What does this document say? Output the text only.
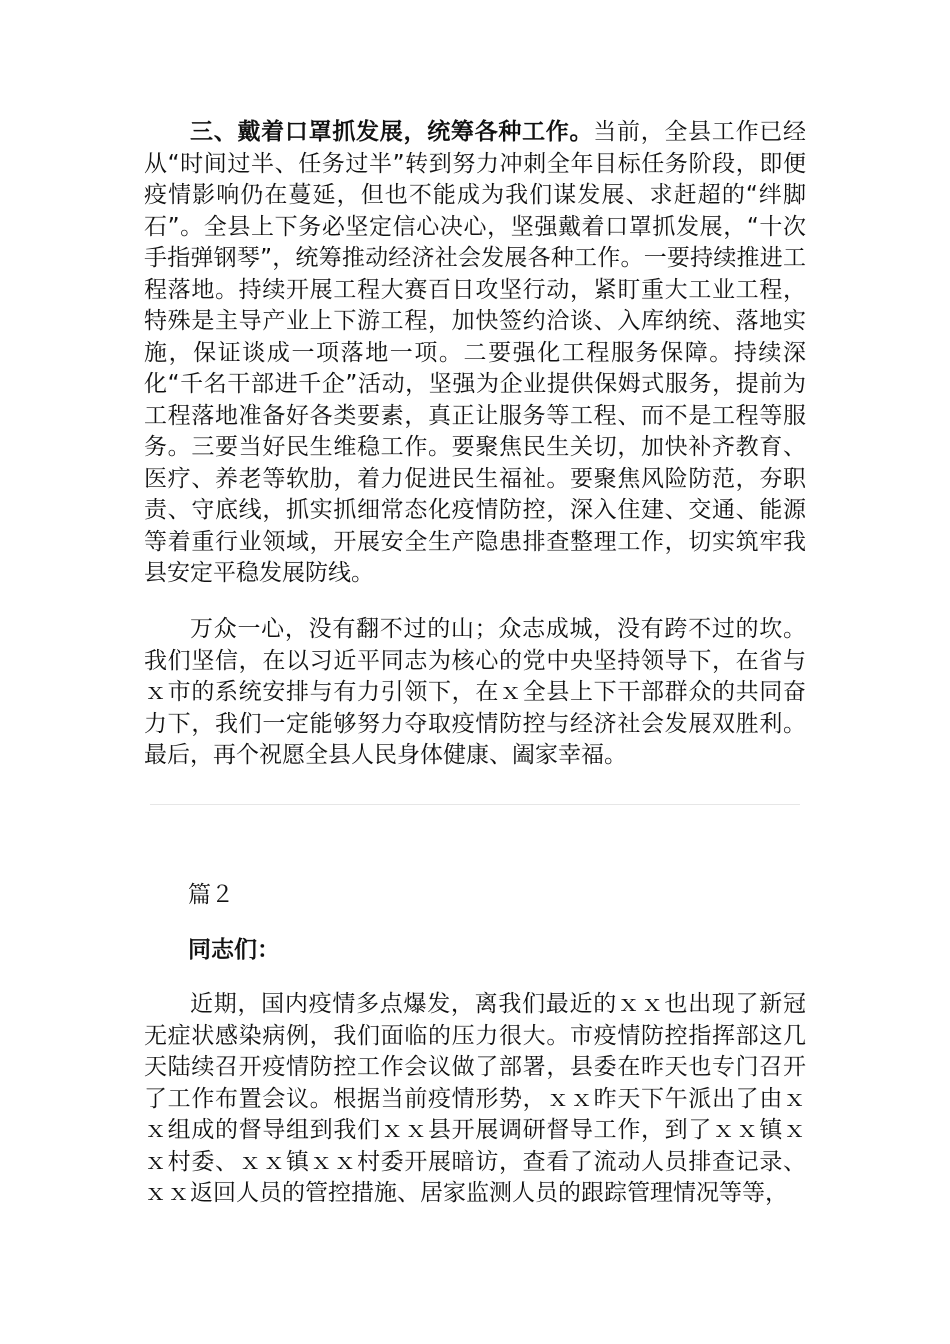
三、戴着口罩抓发展，统筹各种工作。当前，全县工作已经从“时间过半、任务过半”转到努力冲刺全年目标任务阶段，即便疫情影响仍在蔓延，但也不能成为我们谋发展、求赶超的“绊脚石”。全县上下务必坚定信心决心，坚强戴着口罩抓发展，“十次手指弹钢琴”，统筹推动经济社会发展各种工作。一要持续推进工程落地。持续开展工程大赛百日攻坚行动，紧盯重大工业工程，特殊是主导产业上下游工程，加快签约洽谈、入库纳统、落地实施，保证谈成一项落地一项。二要强化工程服务保障。持续深化“千名干部进千企”活动，坚强为企业提供保姆式服务，提前为工程落地准备好各类要素，真正让服务等工程、而不是工程等服务。三要当好民生维稳工作。要聚焦民生关切，加快补齐教育、医疗、养老等软肋，着力促进民生福祉。要聚焦风险防范，夯职责、守底线，抓实抓细常态化疫情防控，深入住建、交通、能源等着重行业领域，开展安全生产隐患排查整理工作，切实筑牢我县安定平稳发展防线。

万众一心，没有翻不过的山；众志成城，没有跨不过的坎。我们坚信，在以习近平同志为核心的党中央坚持领导下，在省与ｘ市的系统安排与有力引领下，在ｘ全县上下干部群众的共同奋力下，我们一定能够努力夺取疫情防控与经济社会发展双胜利。最后，再个祝愿全县人民身体健康、阖家幸福。

篇２

同志们：

近期，国内疫情多点爆发，离我们最近的ｘｘ也出现了新冠无症状感染病例，我们面临的压力很大。市疫情防控指挥部这几天陆续召开疫情防控工作会议做了部署，县委在昨天也专门召开了工作布置会议。根据当前疫情形势，ｘｘ昨天下午派出了由ｘｘ组成的督导组到我们ｘｘ县开展调研督导工作，到了ｘｘ镇ｘｘ村委、ｘｘ镇ｘｘ村委开展暗访，查看了流动人员排查记录、ｘｘ返回人员的管控措施、居家监测人员的跟踪管理情况等等，
